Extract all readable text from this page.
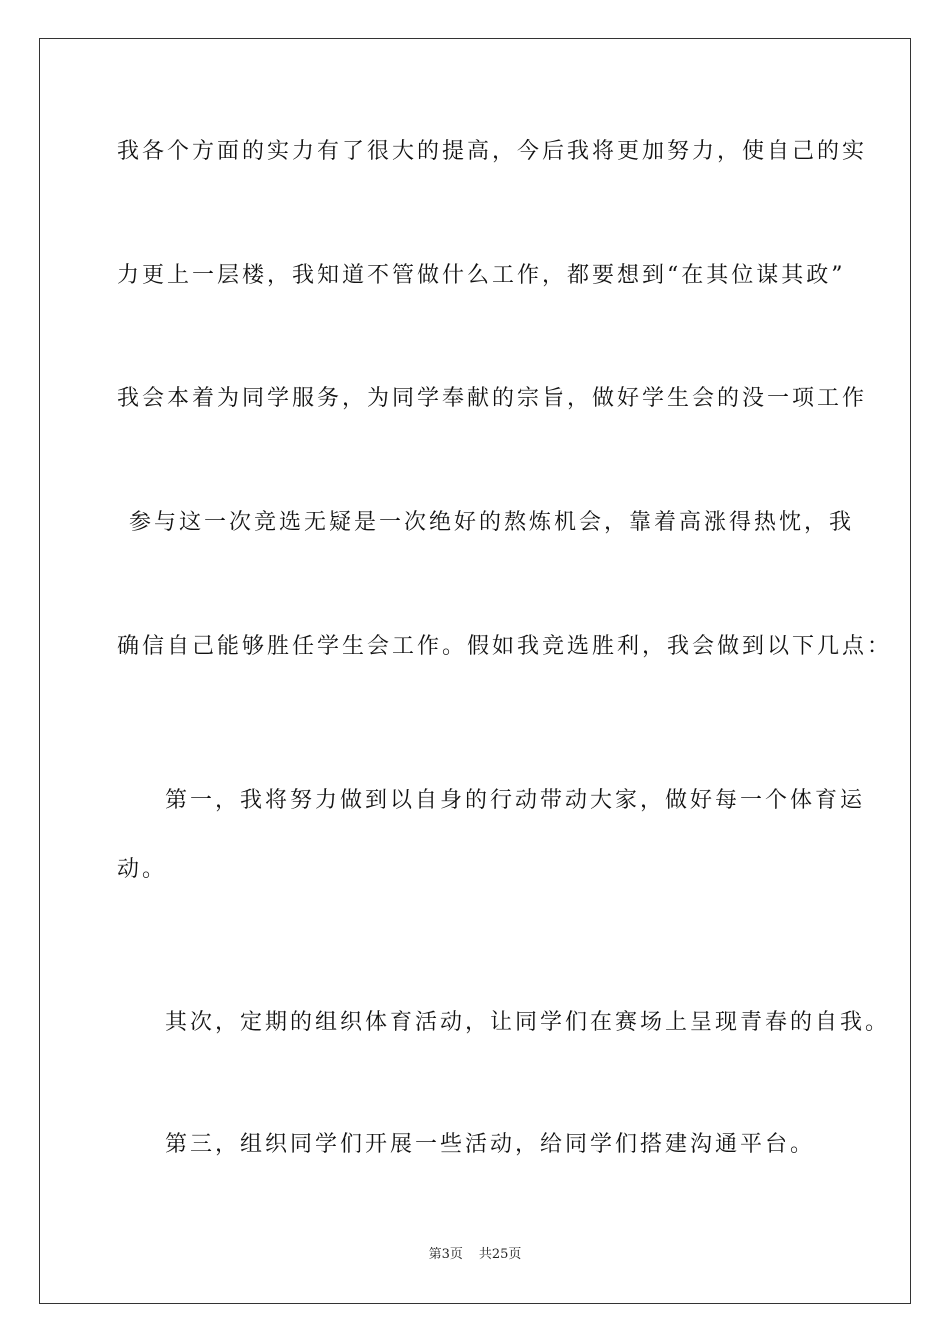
我各个方面的实力有了很大的提高，今后我将更加努力，使自己的实
力更上一层楼，我知道不管做什么工作，都要想到“在其位谋其政”
我会本着为同学服务，为同学奉献的宗旨，做好学生会的没一项工作
参与这一次竞选无疑是一次绝好的熬炼机会，靠着高涨得热忱，我
确信自己能够胜任学生会工作。假如我竞选胜利，我会做到以下几点：
第一，我将努力做到以自身的行动带动大家，做好每一个体育运
动。
其次，定期的组织体育活动，让同学们在赛场上呈现青春的自我。
第三，组织同学们开展一些活动，给同学们搭建沟通平台。
第3页 共25页
